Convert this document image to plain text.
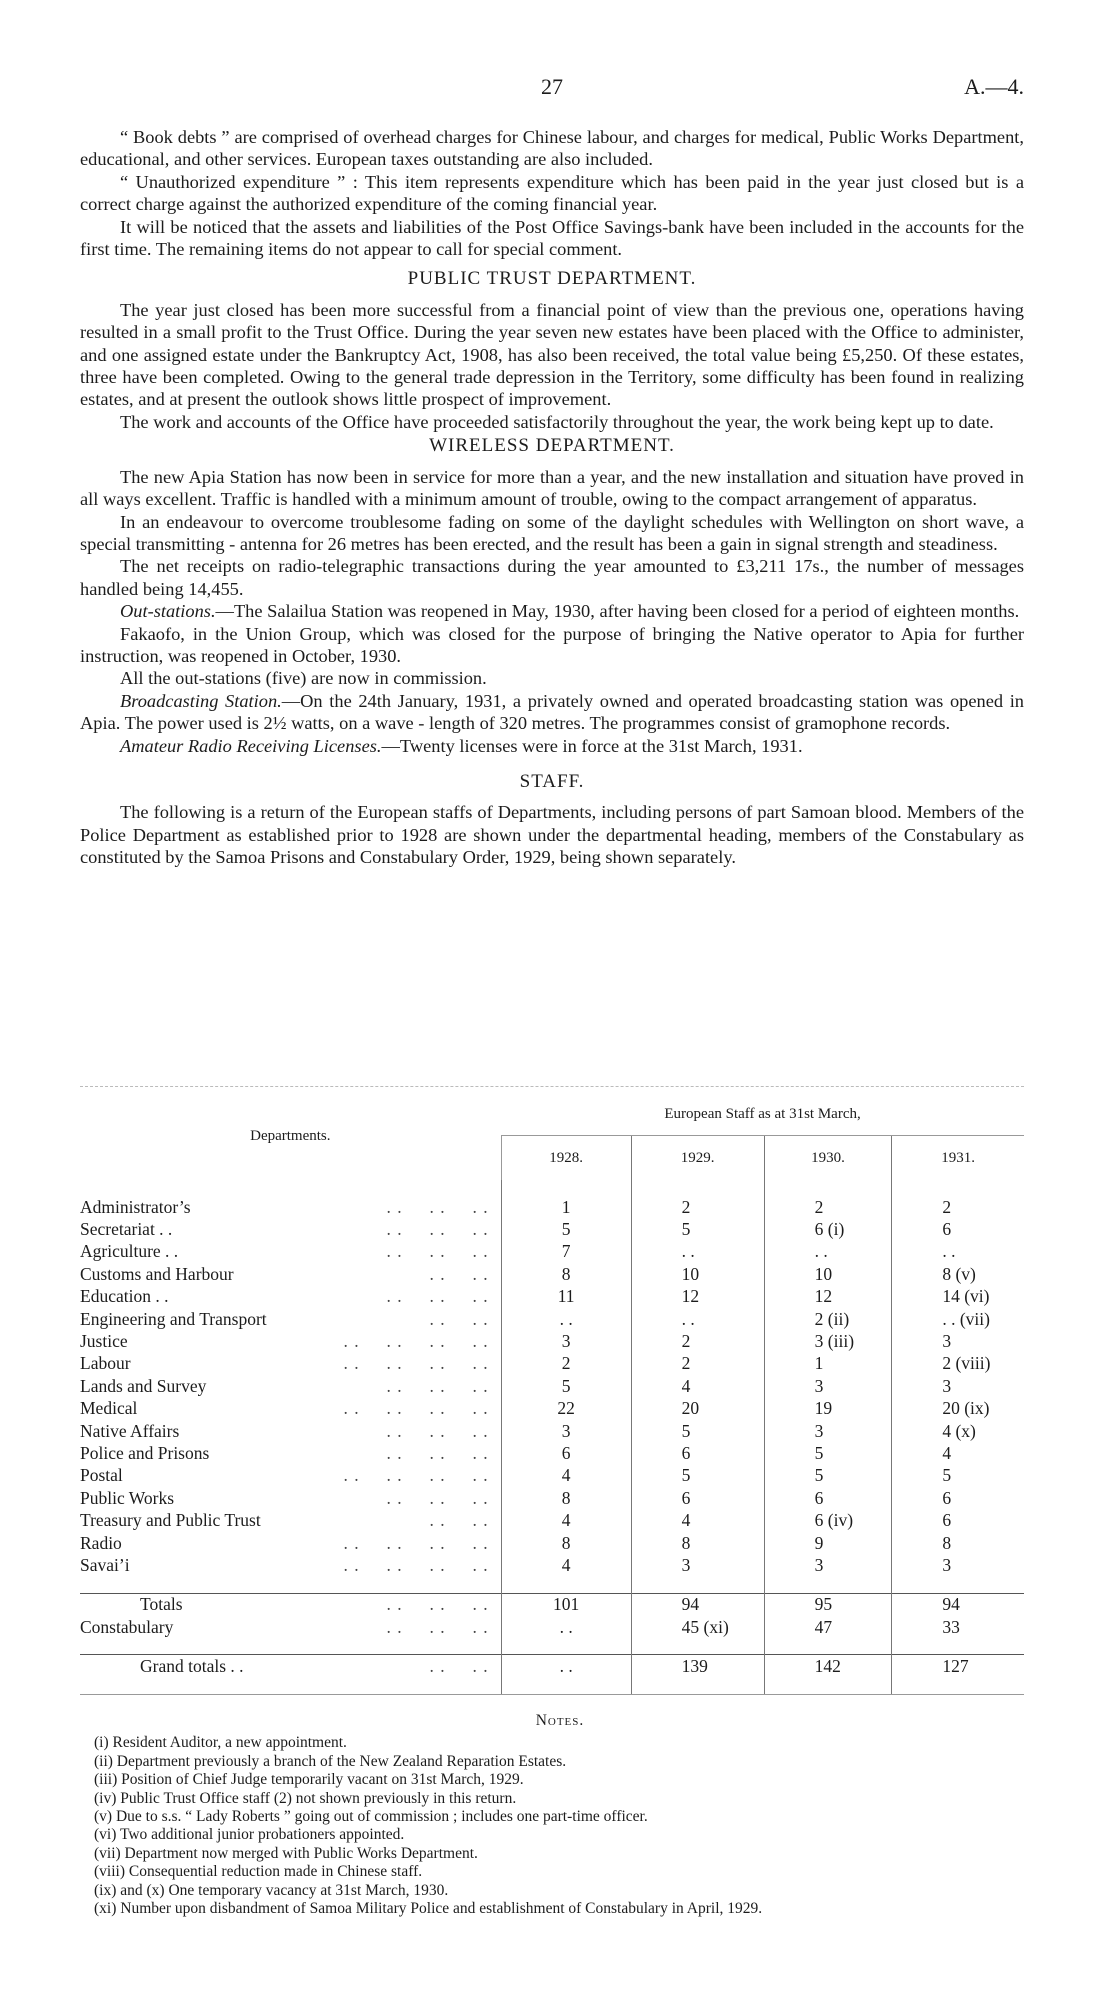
27	A.—4.

“ Book debts ” are comprised of overhead charges for Chinese labour, and charges for medical, Public Works Department, educational, and other services. European taxes outstanding are also included.

“ Unauthorized expenditure ” : This item represents expenditure which has been paid in the year just closed but is a correct charge against the authorized expenditure of the coming financial year.

It will be noticed that the assets and liabilities of the Post Office Savings-bank have been included in the accounts for the first time. The remaining items do not appear to call for special comment.

PUBLIC TRUST DEPARTMENT.

The year just closed has been more successful from a financial point of view than the previous one, operations having resulted in a small profit to the Trust Office. During the year seven new estates have been placed with the Office to administer, and one assigned estate under the Bankruptcy Act, 1908, has also been received, the total value being £5,250. Of these estates, three have been completed. Owing to the general trade depression in the Territory, some difficulty has been found in realizing estates, and at present the outlook shows little prospect of improvement.

The work and accounts of the Office have proceeded satisfactorily throughout the year, the work being kept up to date.

WIRELESS DEPARTMENT.

The new Apia Station has now been in service for more than a year, and the new installation and situation have proved in all ways excellent. Traffic is handled with a minimum amount of trouble, owing to the compact arrangement of apparatus.

In an endeavour to overcome troublesome fading on some of the daylight schedules with Wellington on short wave, a special transmitting - antenna for 26 metres has been erected, and the result has been a gain in signal strength and steadiness.

The net receipts on radio-telegraphic transactions during the year amounted to £3,211 17s., the number of messages handled being 14,455.

Out-stations.—The Salailua Station was reopened in May, 1930, after having been closed for a period of eighteen months.

Fakaofo, in the Union Group, which was closed for the purpose of bringing the Native operator to Apia for further instruction, was reopened in October, 1930.

All the out-stations (five) are now in commission.

Broadcasting Station.—On the 24th January, 1931, a privately owned and operated broadcasting station was opened in Apia. The power used is 2½ watts, on a wave - length of 320 metres. The programmes consist of gramophone records.

Amateur Radio Receiving Licenses.—Twenty licenses were in force at the 31st March, 1931.

STAFF.

The following is a return of the European staffs of Departments, including persons of part Samoan blood. Members of the Police Department as established prior to 1928 are shown under the departmental heading, members of the Constabulary as constituted by the Samoa Prisons and Constabulary Order, 1929, being shown separately.

Departments.	European Staff as at 31st March,			
	1928.	1929.	1930.	1931.

Administrator’s . .     . .     . .	1	2	2	2
Secretariat . . . .     . .     . .	5	5	6 (i)	6
Agriculture . . . .     . .     . .	7	. .	. .	. .
Customs and Harbour . .     . .	8	10	10	8 (v)
Education . . . .     . .     . .	11	12	12	14 (vi)
Engineering and Transport . .     . .	. .	. .	2 (ii)	. . (vii)
Justice . .     . .     . .     . .	3	2	3 (iii)	3
Labour . .     . .     . .     . .	2	2	1	2 (viii)
Lands and Survey . .     . .     . .	5	4	3	3
Medical . .     . .     . .     . .	22	20	19	20 (ix)
Native Affairs . .     . .     . .	3	5	3	4 (x)
Police and Prisons . .     . .     . .	6	6	5	4
Postal . .     . .     . .     . .	4	5	5	5
Public Works . .     . .     . .	8	6	6	6
Treasury and Public Trust . .     . .	4	4	6 (iv)	6
Radio . .     . .     . .     . .	8	8	9	8
Savai’i . .     . .     . .     . .	4	3	3	3

Totals . .     . .     . .	101	94	95	94
Constabulary . .     . .     . .	. .	45 (xi)	47	33

Grand totals . . . .     . .	. .	139	142	127

Notes.
(i) Resident Auditor, a new appointment.
(ii) Department previously a branch of the New Zealand Reparation Estates.
(iii) Position of Chief Judge temporarily vacant on 31st March, 1929.
(iv) Public Trust Office staff (2) not shown previously in this return.
(v) Due to s.s. “ Lady Roberts ” going out of commission ; includes one part-time officer.
(vi) Two additional junior probationers appointed.
(vii) Department now merged with Public Works Department.
(viii) Consequential reduction made in Chinese staff.
(ix) and (x) One temporary vacancy at 31st March, 1930.
(xi) Number upon disbandment of Samoa Military Police and establishment of Constabulary in April, 1929.
